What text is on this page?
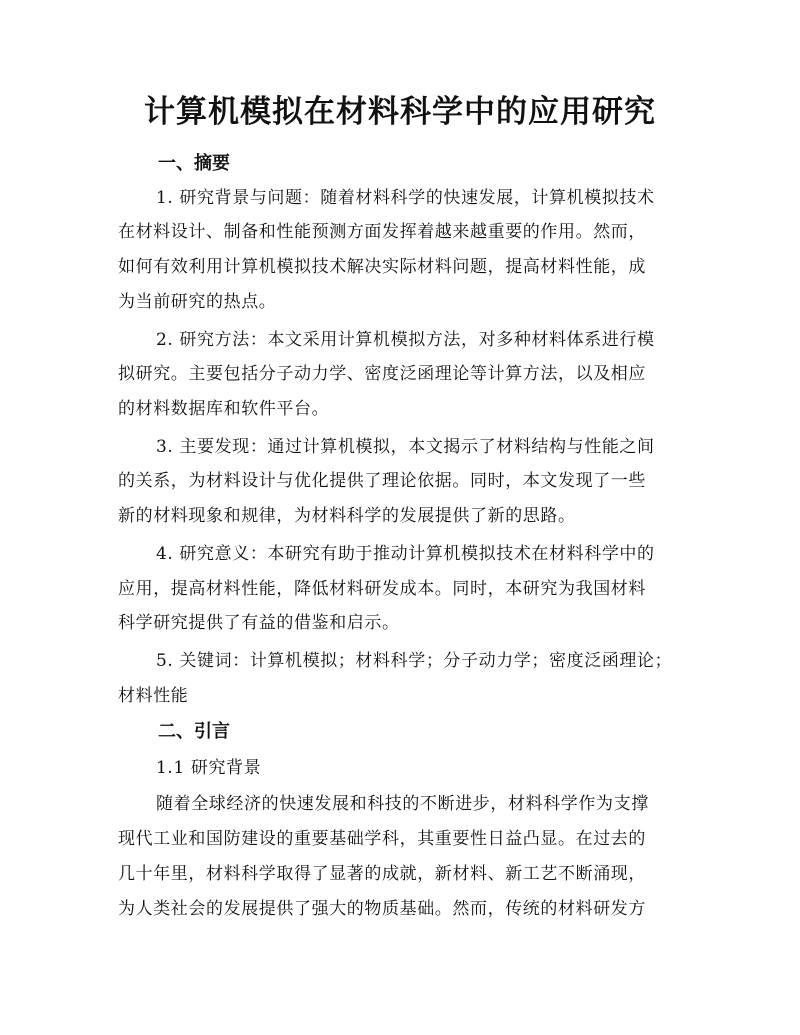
计算机模拟在材料科学中的应用研究
一、摘要
1. 研究背景与问题：随着材料科学的快速发展，计算机模拟技术
在材料设计、制备和性能预测方面发挥着越来越重要的作用。然而，
如何有效利用计算机模拟技术解决实际材料问题，提高材料性能，成
为当前研究的热点。
2. 研究方法：本文采用计算机模拟方法，对多种材料体系进行模
拟研究。主要包括分子动力学、密度泛函理论等计算方法，以及相应
的材料数据库和软件平台。
3. 主要发现：通过计算机模拟，本文揭示了材料结构与性能之间
的关系，为材料设计与优化提供了理论依据。同时，本文发现了一些
新的材料现象和规律，为材料科学的发展提供了新的思路。
4. 研究意义：本研究有助于推动计算机模拟技术在材料科学中的
应用，提高材料性能，降低材料研发成本。同时，本研究为我国材料
科学研究提供了有益的借鉴和启示。
5. 关键词：计算机模拟；材料科学；分子动力学；密度泛函理论；
材料性能
二、引言
1.1 研究背景
随着全球经济的快速发展和科技的不断进步，材料科学作为支撑
现代工业和国防建设的重要基础学科，其重要性日益凸显。在过去的
几十年里，材料科学取得了显著的成就，新材料、新工艺不断涌现，
为人类社会的发展提供了强大的物质基础。然而，传统的材料研发方
